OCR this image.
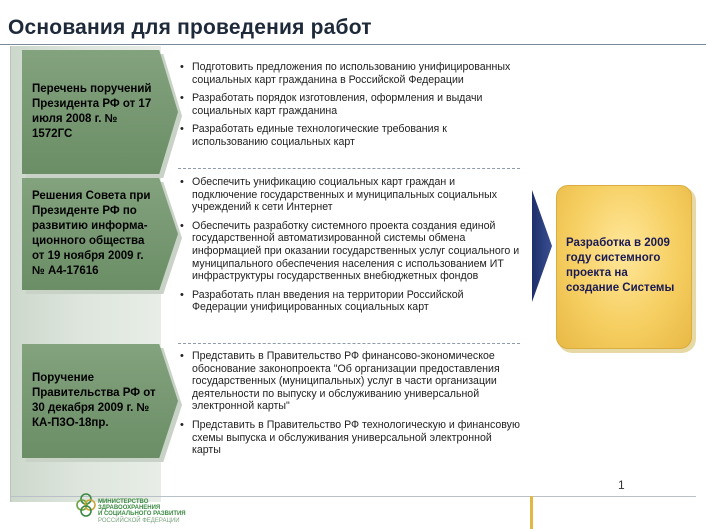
Основания для проведения работ
Перечень поручений Президента РФ от 17 июля 2008 г. № 1572ГС
Решения Совета при Президенте РФ по развитию информа-ционного общества от 19 ноября 2009 г. № А4-17616
Поручение Правительства РФ от 30 декабря 2009 г. № КА-П3О-18пр.
• Подготовить предложения по использованию унифицированных социальных карт гражданина в Российской Федерации
• Разработать порядок изготовления, оформления и выдачи социальных карт гражданина
• Разработать единые технологические требования к использованию социальных карт
• Обеспечить унификацию социальных карт граждан и подключение государственных и муниципальных социальных учреждений к сети Интернет
• Обеспечить разработку системного проекта создания единой государственной автоматизированной системы обмена информацией при оказании государственных услуг социального и муниципального обеспечения населения с использованием ИТ инфраструктуры государственных внебюджетных фондов
• Разработать план введения на территории Российской Федерации унифицированных социальных карт
• Представить в Правительство РФ финансово-экономическое обоснование законопроекта "Об организации предоставления государственных (муниципальных) услуг в части организации деятельности по выпуску и обслуживанию универсальной электронной карты"
• Представить в Правительство РФ технологическую и финансовую схемы выпуска и обслуживания универсальной электронной карты
Разработка в 2009 году системного проекта на создание Системы
МИНИСТЕРСТВО
ЗДРАВООХРАНЕНИЯ
И СОЦИАЛЬНОГО РАЗВИТИЯ
РОССИЙСКОЙ ФЕДЕРАЦИИ
1
